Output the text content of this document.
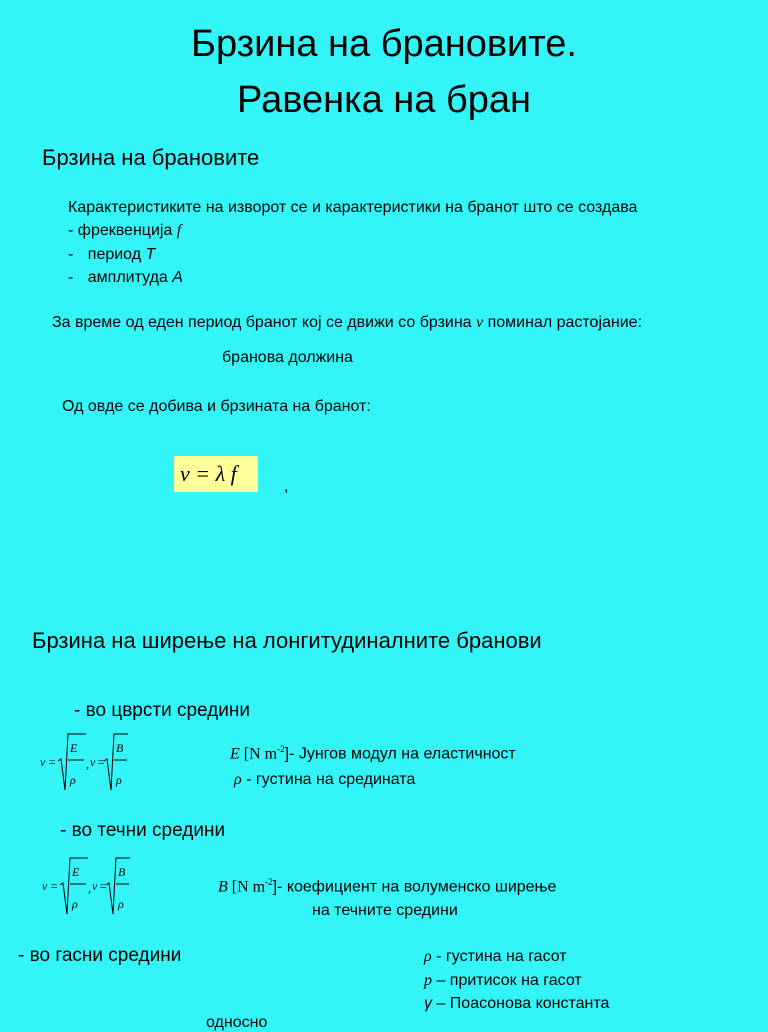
Брзина на брановите.
Равенка на бран
Брзина на брановите
Карактеристиките на изворот се и карактеристики на бранот што се создава
- фреквенција f
- период T
- амплитуда A
За време од еден период бранот кој се движи со брзина v поминал растојание:
бранова должина
Од овде се добива и брзината на бранот:
v = λ f
,
Брзина на ширење на лонгитудиналните бранови
- во цврсти средини
v =
E
ρ
, v =
B
ρ
E [N $m^{-2}]-$ Јунгов модул на еластичност
ρ - густина на средината
- во течни средини
v =
E
ρ
, v =
B
ρ
B [N $m^{-2}]-$ коефициент на волуменско ширење
на течните средини
- во гасни средини	ρ - густина на гасот
p – притисок на гасот
γ – Поасонова константа
односно
